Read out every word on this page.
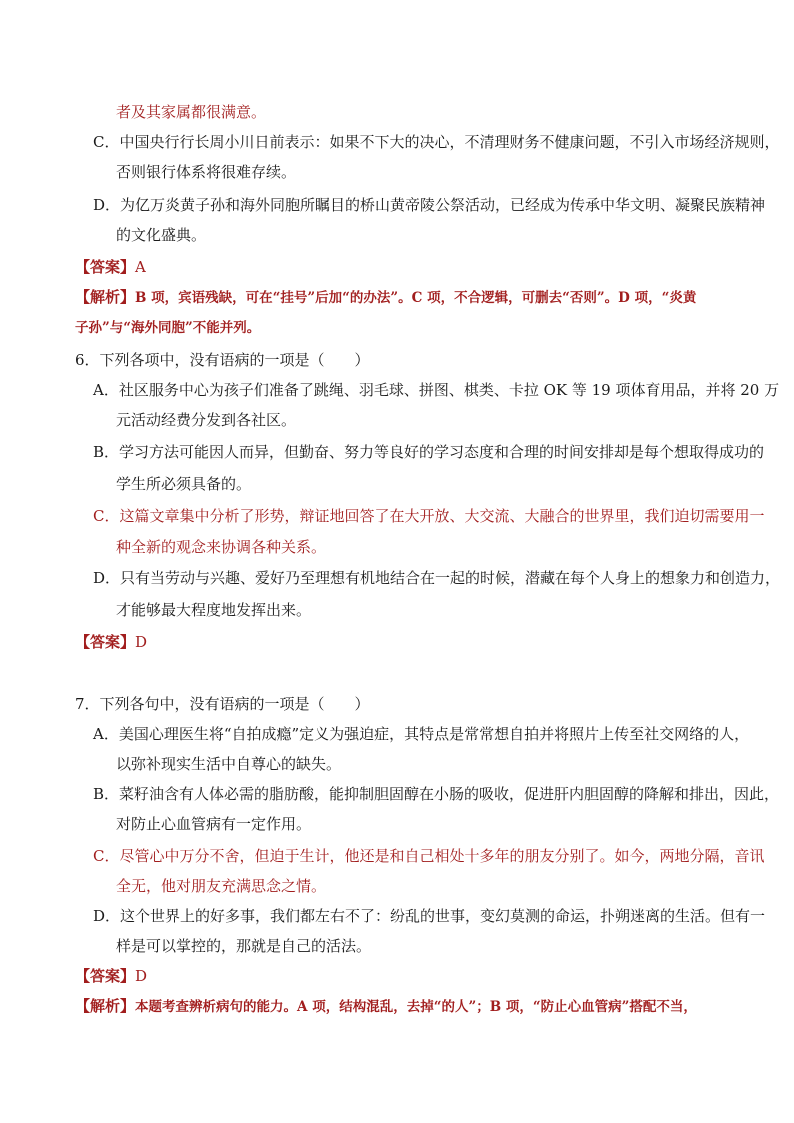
者及其家属都很满意。
C．中国央行行长周小川日前表示：如果不下大的决心，不清理财务不健康问题，不引入市场经济规则，
否则银行体系将很难存续。
D．为亿万炎黄子孙和海外同胞所瞩目的桥山黄帝陵公祭活动，已经成为传承中华文明、凝聚民族精神
的文化盛典。
【答案】A
【解析】B 项，宾语残缺，可在“挂号”后加“的办法”。C 项，不合逻辑，可删去“否则”。D 项，“炎黄
子孙”与“海外同胞”不能并列。
6．下列各项中，没有语病的一项是（　　）
A．社区服务中心为孩子们准备了跳绳、羽毛球、拼图、棋类、卡拉 OK 等 19 项体育用品，并将 20 万
元活动经费分发到各社区。
B．学习方法可能因人而异，但勤奋、努力等良好的学习态度和合理的时间安排却是每个想取得成功的
学生所必须具备的。
C．这篇文章集中分析了形势，辩证地回答了在大开放、大交流、大融合的世界里，我们迫切需要用一
种全新的观念来协调各种关系。
D．只有当劳动与兴趣、爱好乃至理想有机地结合在一起的时候，潜藏在每个人身上的想象力和创造力，
才能够最大程度地发挥出来。
【答案】D
7．下列各句中，没有语病的一项是（　　）
A．美国心理医生将“自拍成瘾”定义为强迫症，其特点是常常想自拍并将照片上传至社交网络的人，
以弥补现实生活中自尊心的缺失。
B．菜籽油含有人体必需的脂肪酸，能抑制胆固醇在小肠的吸收，促进肝内胆固醇的降解和排出，因此，
对防止心血管病有一定作用。
C．尽管心中万分不舍，但迫于生计，他还是和自己相处十多年的朋友分别了。如今，两地分隔，音讯
全无，他对朋友充满思念之情。
D．这个世界上的好多事，我们都左右不了：纷乱的世事，变幻莫测的命运，扑朔迷离的生活。但有一
样是可以掌控的，那就是自己的活法。
【答案】D
【解析】本题考查辨析病句的能力。A 项，结构混乱，去掉“的人”；B 项，“防止心血管病”搭配不当，
